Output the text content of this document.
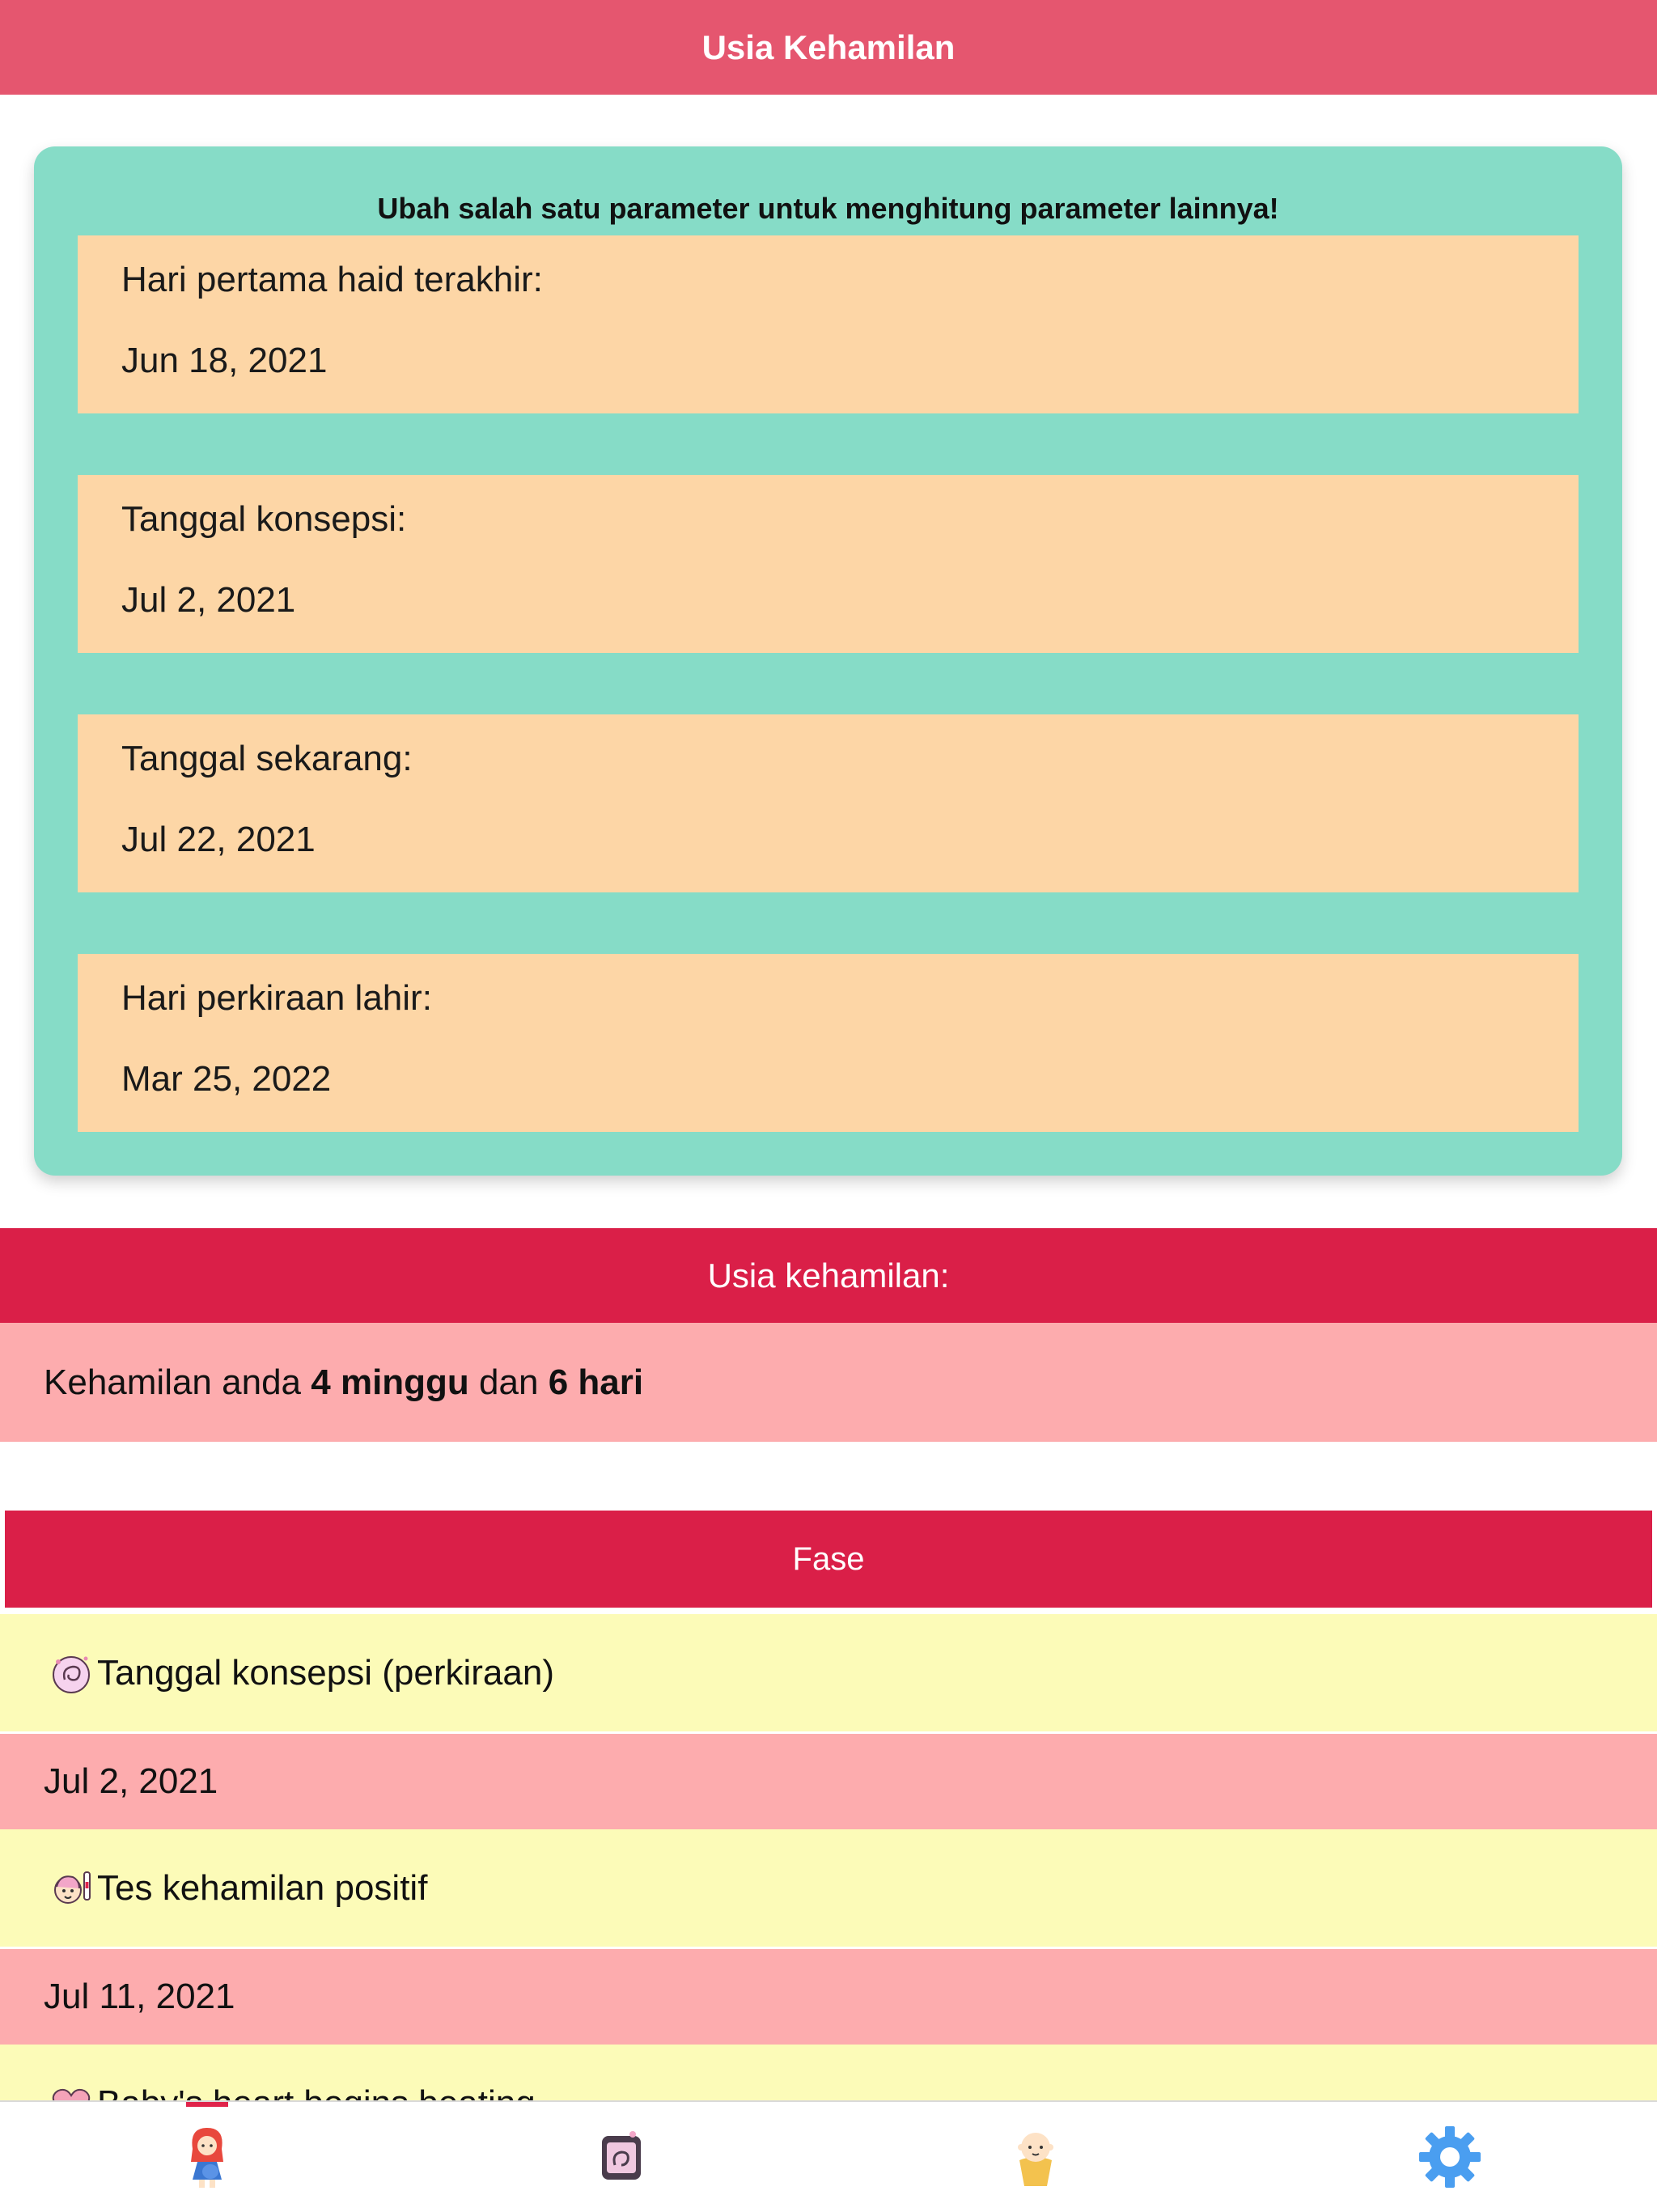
Usia Kehamilan
Ubah salah satu parameter untuk menghitung parameter lainnya!
Hari pertama haid terakhir:
Jun 18, 2021
Tanggal konsepsi:
Jul 2, 2021
Tanggal sekarang:
Jul 22, 2021
Hari perkiraan lahir:
Mar 25, 2022
Usia kehamilan:
Kehamilan anda 4 minggu dan 6 hari
Fase
Tanggal konsepsi (perkiraan)
Jul 2, 2021
Tes kehamilan positif
Jul 11, 2021
